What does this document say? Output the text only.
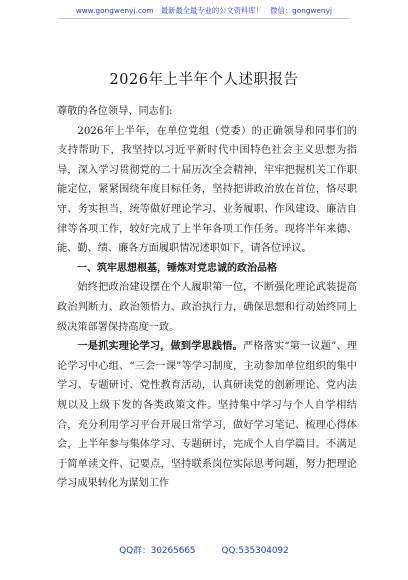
www.gongwenyj.com　最新最全最专业的公文资料库！　微信：gongwenyj
2026年上半年个人述职报告

尊敬的各位领导、同志们:

2026年上半年，在单位党组（党委）的正确领导和同事们的支持帮助下，我坚持以习近平新时代中国特色社会主义思想为指导，深入学习贯彻党的二十届历次全会精神，牢牢把握机关工作职能定位，紧紧围绕年度目标任务，坚持把讲政治放在首位，恪尽职守、务实担当，统等做好理论学习、业务履职、作风建设、廉洁自律等各项工作，较好完成了上半年各项工作任务。现将半年来德、能、勤、绩、廉各方面履职情况述职如下，请各位评议。

一、筑牢思想根基，锤炼对党忠诚的政治品格

始终把政治建设摆在个人履职第一位，不断强化理论武装提高政治判断力、政治领悟力、政治执行力，确保思想和行动始终同上级决策部署保持高度一致。

一是抓实理论学习，做到学思践悟。严格落实“第一议题”、理论学习中心组、“三会一课”等学习制度，主动参加单位组织的集中学习、专题研讨、党性教育活动，认真研读党的创新理论、党内法规以及上级下发的各类政策文件。坚持集中学习与个人自学相结合，充分利用学习平台开展日常学习，做好学习笔记、梳理心得体会，上半年参与集体学习、专题研讨，完成个人自学篇目。不满足于简单读文件、记要点，坚持联系岗位实际思考问题，努力把理论学习成果转化为谋划工作

QQ群：30265665	QQ:535304092
